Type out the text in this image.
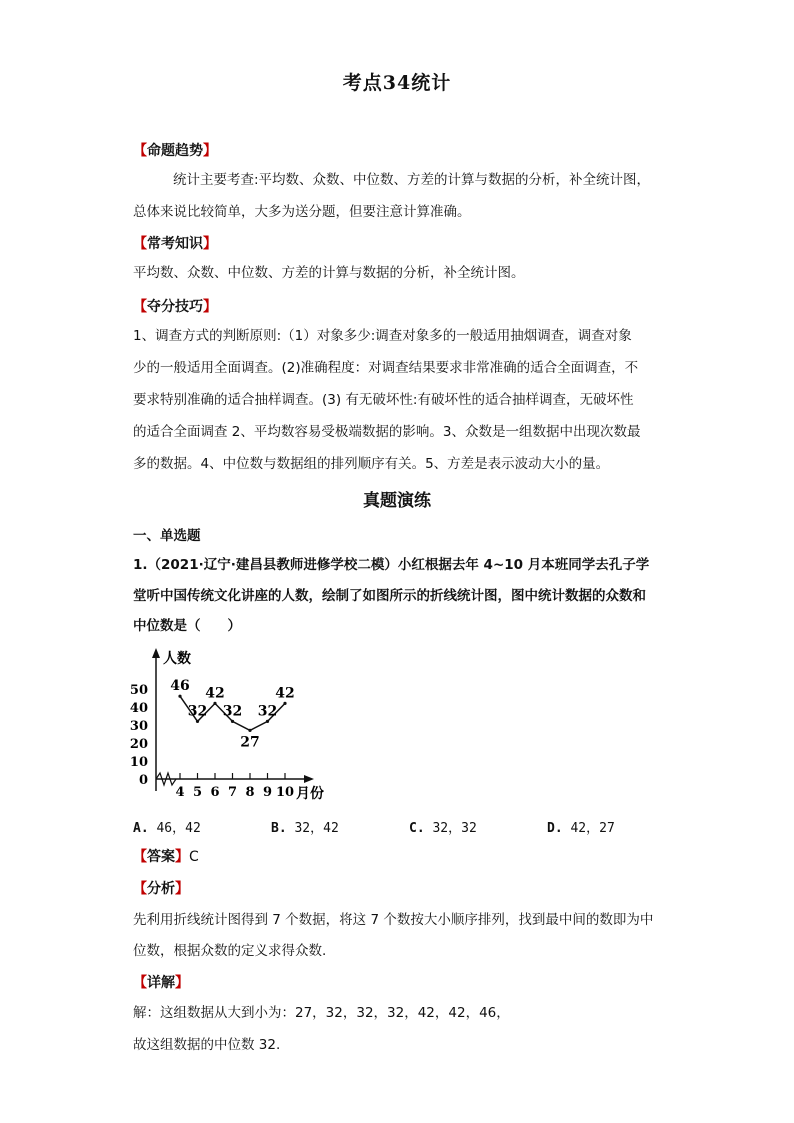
考点34统计
【命题趋势】
统计主要考查:平均数、众数、中位数、方差的计算与数据的分析，补全统计图，
总体来说比较简单，大多为送分题，但要注意计算准确。
【常考知识】
平均数、众数、中位数、方差的计算与数据的分析，补全统计图。
【夺分技巧】
1、调查方式的判断原则:（1）对象多少:调查对象多的一般适用抽烟调查，调查对象
少的一般适用全面调查。(2)准确程度：对调查结果要求非常准确的适合全面调查，不
要求特别准确的适合抽样调查。(3) 有无破坏性:有破坏性的适合抽样调查，无破坏性
的适合全面调查 2、平均数容易受极端数据的影响。3、众数是一组数据中出现次数最
多的数据。4、中位数与数据组的排列顺序有关。5、方差是表示波动大小的量。
真题演练
一、单选题
1.（2021·辽宁·建昌县教师进修学校二模）小红根据去年 4~10 月本班同学去孔子学
堂听中国传统文化讲座的人数，绘制了如图所示的折线统计图，图中统计数据的众数和
中位数是（　　）
人数
月份
0
10
20
30
40
50
4 5 6 7 8 9 10
46
32
42
32
27
32
42
A. 46，42	B. 32，42	C. 32，32	D. 42，27
【答案】C
【分析】
先利用折线统计图得到 7 个数据，将这 7 个数按大小顺序排列，找到最中间的数即为中
位数，根据众数的定义求得众数.
【详解】
解：这组数据从大到小为：27，32，32，32，42，42，46，
故这组数据的中位数 32.
